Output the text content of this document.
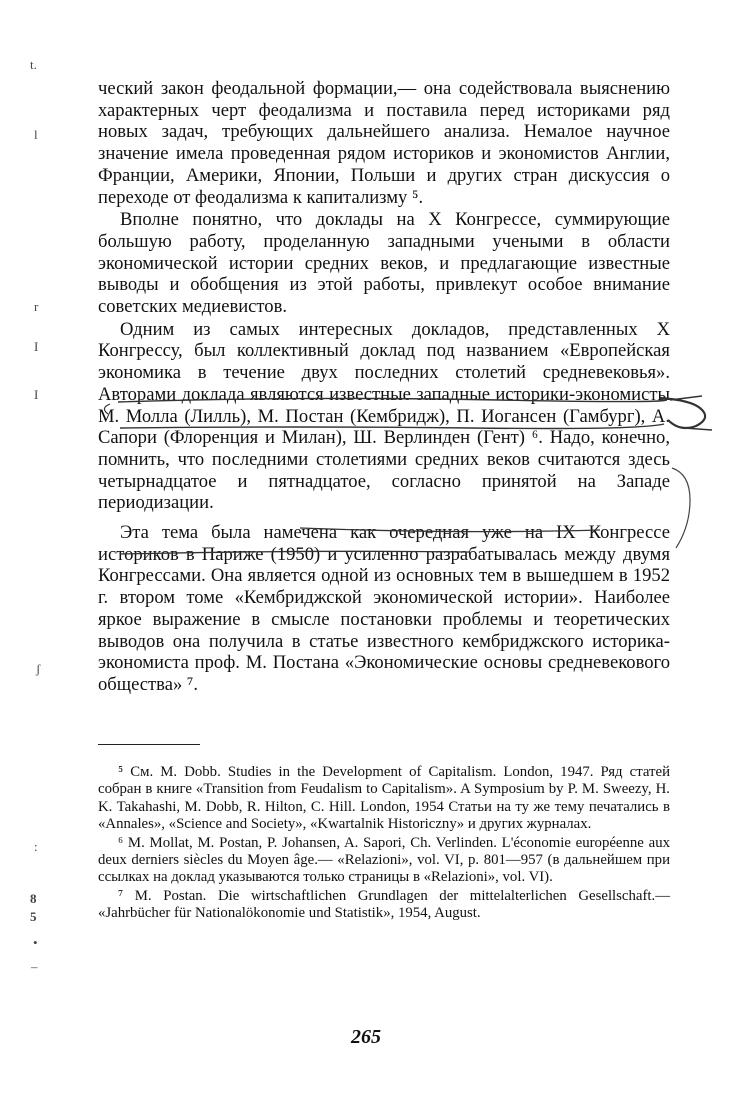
ческий закон феодальной формации,— она содействовала выяснению характерных черт феодализма и поставила перед историками ряд новых задач, требующих дальнейшего анализа. Немалое научное значение имела проведенная рядом историков и экономистов Англии, Франции, Америки, Японии, Польши и других стран дискуссия о переходе от феодализма к капитализму ⁵.

Вполне понятно, что доклады на X Конгрессе, суммирующие большую работу, проделанную западными учеными в области экономической истории средних веков, и предлагающие известные выводы и обобщения из этой работы, привлекут особое внимание советских медиевистов.

Одним из самых интересных докладов, представленных X Конгрессу, был коллективный доклад под названием «Европейская экономика в течение двух последних столетий средневековья». Авторами доклада являются известные западные историки-экономисты М. Молла (Лилль), М. Постан (Кембридж), П. Иогансен (Гамбург), А. Сапори (Флоренция и Милан), Ш. Верлинден (Гент) ⁶. Надо, конечно, помнить, что последними столетиями средних веков считаются здесь четырнадцатое и пятнадцатое, согласно принятой на Западе периодизации.

Эта тема была намечена как очередная уже на IX Конгрессе историков в Париже (1950) и усиленно разрабатывалась между двумя Конгрессами. Она является одной из основных тем в вышедшем в 1952 г. втором томе «Кембриджской экономической истории». Наиболее яркое выражение в смысле постановки проблемы и теоретических выводов она получила в статье известного кембриджского историка-экономиста проф. М. Постана «Экономические основы средневекового общества» ⁷.

⁵ См. M. Dobb. Studies in the Development of Capitalism. London, 1947. Ряд статей собран в книге «Transition from Feudalism to Capitalism». A Symposium by P. M. Sweezy, H. K. Takahashi, M. Dobb, R. Hilton, C. Hill. London, 1954 Статьи на ту же тему печатались в «Annales», «Science and Society», «Kwartalnik Historiczny» и других журналах.

⁶ M. Mollat, M. Postan, P. Johansen, A. Sapori, Ch. Verlinden. L'économie européenne aux deux derniers siècles du Moyen âge.— «Relazioni», vol. VI, p. 801—957 (в дальнейшем при ссылках на доклад указываются только страницы в «Relazioni», vol. VI).

⁷ M. Postan. Die wirtschaftlichen Grundlagen der mittelalterlichen Gesellschaft.— «Jahrbücher für Nationalökonomie und Statistik», 1954, August.

265
t.
l
r
I
I
ʃ
:
8
5
•
–
